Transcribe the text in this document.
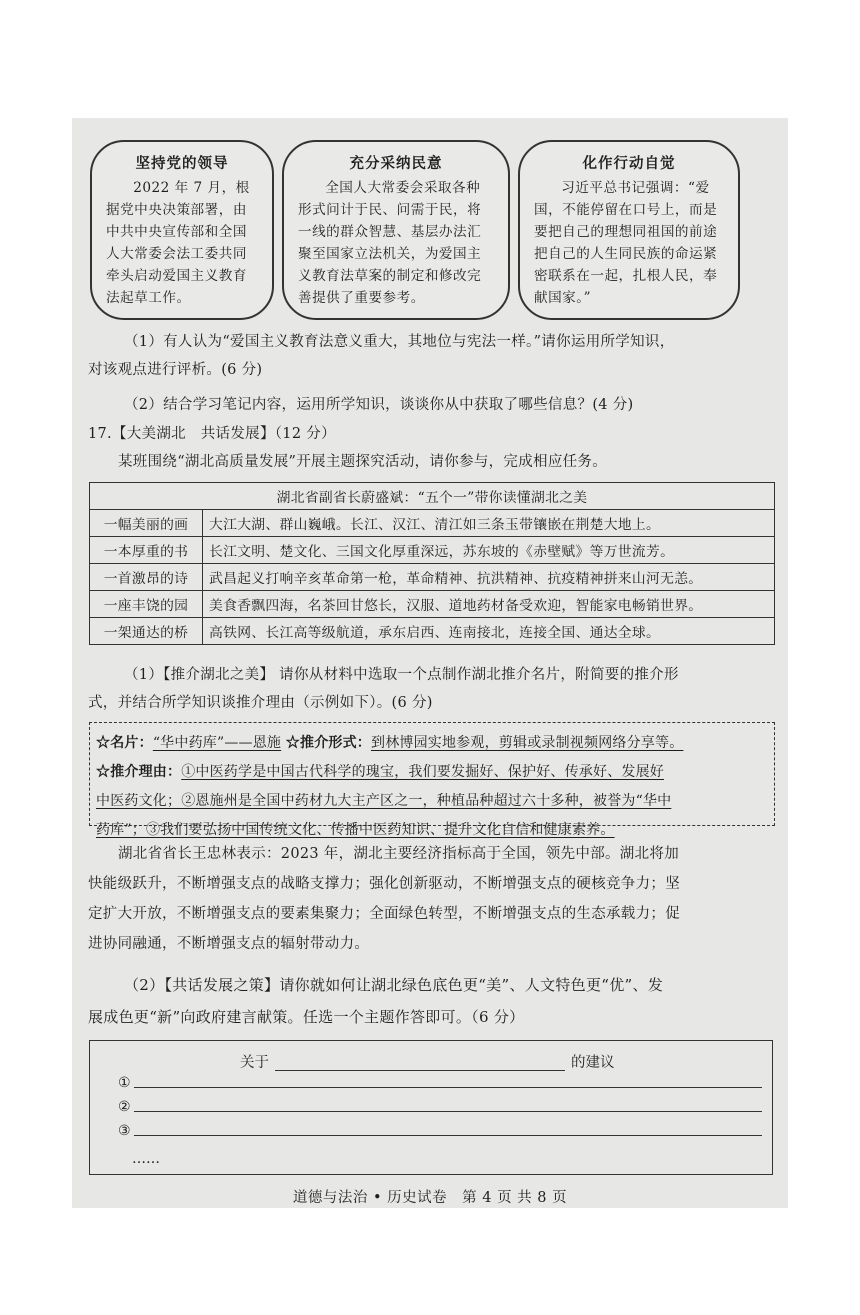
坚持党的领导
2022 年 7 月，根据党中央决策部署，由中共中央宣传部和全国人大常委会法工委共同牵头启动爱国主义教育法起草工作。
充分采纳民意
全国人大常委会采取各种形式问计于民、问需于民，将一线的群众智慧、基层办法汇聚至国家立法机关，为爱国主义教育法草案的制定和修改完善提供了重要参考。
化作行动自觉
习近平总书记强调：“爱国，不能停留在口号上，而是要把自己的理想同祖国的前途把自己的人生同民族的命运紧密联系在一起，扎根人民，奉献国家。”
（1）有人认为“爱国主义教育法意义重大，其地位与宪法一样。”请你运用所学知识，
对该观点进行评析。(6 分)
（2）结合学习笔记内容，运用所学知识，谈谈你从中获取了哪些信息？(4 分)
17.【大美湖北　共话发展】（12 分）
某班围绕“湖北高质量发展”开展主题探究活动，请你参与，完成相应任务。
湖北省副省长蔚盛斌：“五个一”带你读懂湖北之美	
一幅美丽的画	大江大湖、群山巍峨。长江、汉江、清江如三条玉带镶嵌在荆楚大地上。
一本厚重的书	长江文明、楚文化、三国文化厚重深远，苏东坡的《赤壁赋》等万世流芳。
一首激昂的诗	武昌起义打响辛亥革命第一枪，革命精神、抗洪精神、抗疫精神拼来山河无恙。
一座丰饶的园	美食香飘四海，名茶回甘悠长，汉服、道地药材备受欢迎，智能家电畅销世界。
一架通达的桥	高铁网、长江高等级航道，承东启西、连南接北，连接全国、通达全球。
（1）【推介湖北之美】 请你从材料中选取一个点制作湖北推介名片，附简要的推介形
式，并结合所学知识谈推介理由（示例如下）。(6 分)
☆名片：“华中药库”——恩施 ☆推介形式：到林博园实地参观，剪辑或录制视频网络分享等。
☆推介理由：①中医药学是中国古代科学的瑰宝，我们要发掘好、保护好、传承好、发展好
中医药文化；②恩施州是全国中药材九大主产区之一，种植品种超过六十多种，被誉为“华中
药库”；③我们要弘扬中国传统文化、传播中医药知识、提升文化自信和健康素养。
湖北省省长王忠林表示：2023 年，湖北主要经济指标高于全国，领先中部。湖北将加
快能级跃升，不断增强支点的战略支撑力；强化创新驱动，不断增强支点的硬核竞争力；坚
定扩大开放，不断增强支点的要素集聚力；全面绿色转型，不断增强支点的生态承载力；促
进协同融通，不断增强支点的辐射带动力。
（2）【共话发展之策】请你就如何让湖北绿色底色更“美”、人文特色更“优”、发
展成色更“新”向政府建言献策。任选一个主题作答即可。（6 分）
关于	的建议
①
②
③
……
道德与法治 • 历史试卷　第 4 页 共 8 页
